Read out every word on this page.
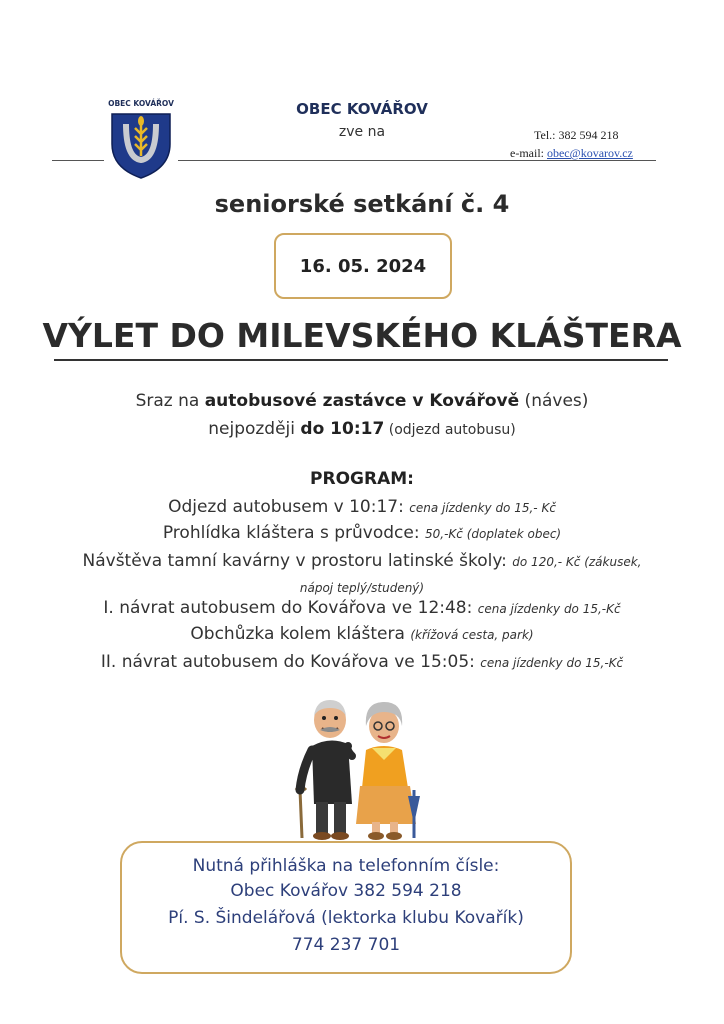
OBEC KOVÁŘOV	OBEC KOVÁŘOV
zve na	Tel.: 382 594 218
e-mail: obec@kovarov.cz
seniorské setkání č. 4
16. 05. 2024
VÝLET DO MILEVSKÉHO KLÁŠTERA
Sraz na autobusové zastávce v Kovářově (náves)
nejpozději do 10:17 (odjezd autobusu)
PROGRAM:
Odjezd autobusem v 10:17: cena jízdenky do 15,- Kč
Prohlídka kláštera s průvodce: 50,-Kč (doplatek obec)
Návštěva tamní kavárny v prostoru latinské školy: do 120,- Kč (zákusek,
nápoj teplý/studený)
I. návrat autobusem do Kovářova ve 12:48: cena jízdenky do 15,-Kč
Obchůzka kolem kláštera (křížová cesta, park)
II. návrat autobusem do Kovářova ve 15:05: cena jízdenky do 15,-Kč
Nutná přihláška na telefonním čísle:
Obec Kovářov 382 594 218
Pí. S. Šindelářová (lektorka klubu Kovařík)
774 237 701
